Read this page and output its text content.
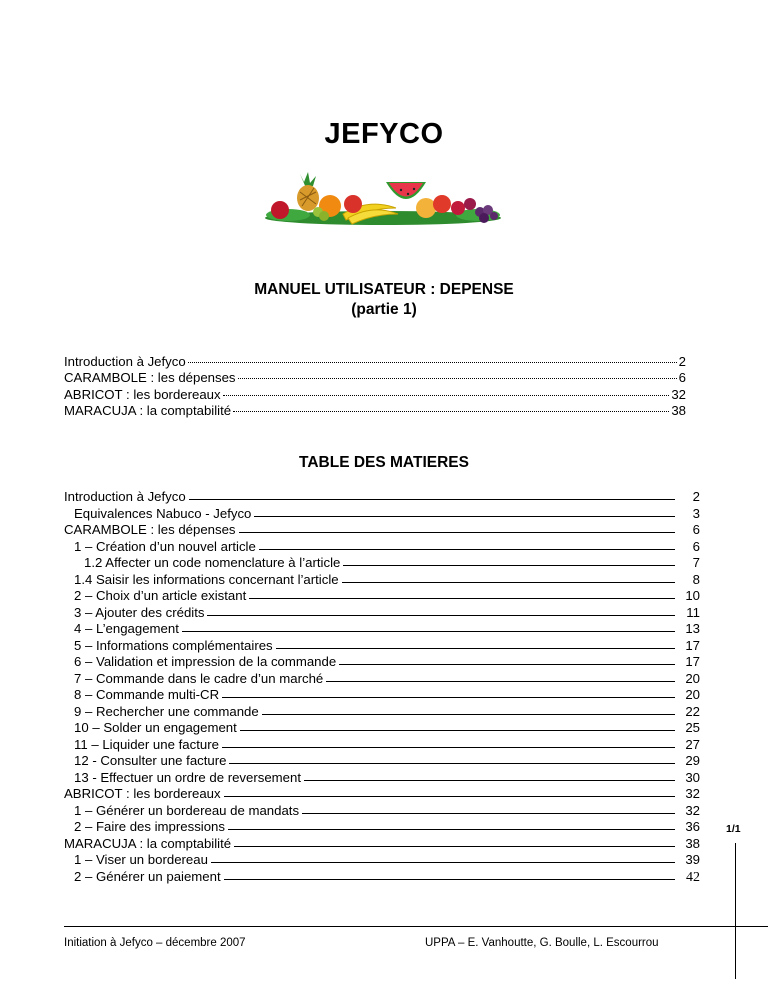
JEFYCO
MANUEL UTILISATEUR : DEPENSE
(partie 1)
Introduction à Jefyco	2
CARAMBOLE : les dépenses	6
ABRICOT : les bordereaux	32
MARACUJA : la comptabilité	38
TABLE DES MATIERES
Introduction à Jefyco	2
Equivalences Nabuco - Jefyco	3
CARAMBOLE : les dépenses	6
1 – Création d’un nouvel article	6
1.2 Affecter un code nomenclature à l’article	7
1.4 Saisir les informations concernant l’article	8
2 – Choix d’un article existant	10
3 – Ajouter des crédits	11
4 – L’engagement	13
5 – Informations complémentaires	17
6 – Validation et impression de la commande	17
7 – Commande dans le cadre d’un marché	20
8 – Commande multi-CR	20
9 – Rechercher une commande	22
10 – Solder un engagement	25
11 – Liquider une facture	27
12 - Consulter une facture	29
13 - Effectuer un ordre de reversement	30
ABRICOT : les bordereaux	32
1 – Générer un bordereau de mandats	32
2 – Faire des impressions	36
MARACUJA : la comptabilité	38
1 – Viser un bordereau	39
2 – Générer un paiement	42
1/1
Initiation à Jefyco – décembre 2007	UPPA – E. Vanhoutte, G. Boulle, L. Escourrou
